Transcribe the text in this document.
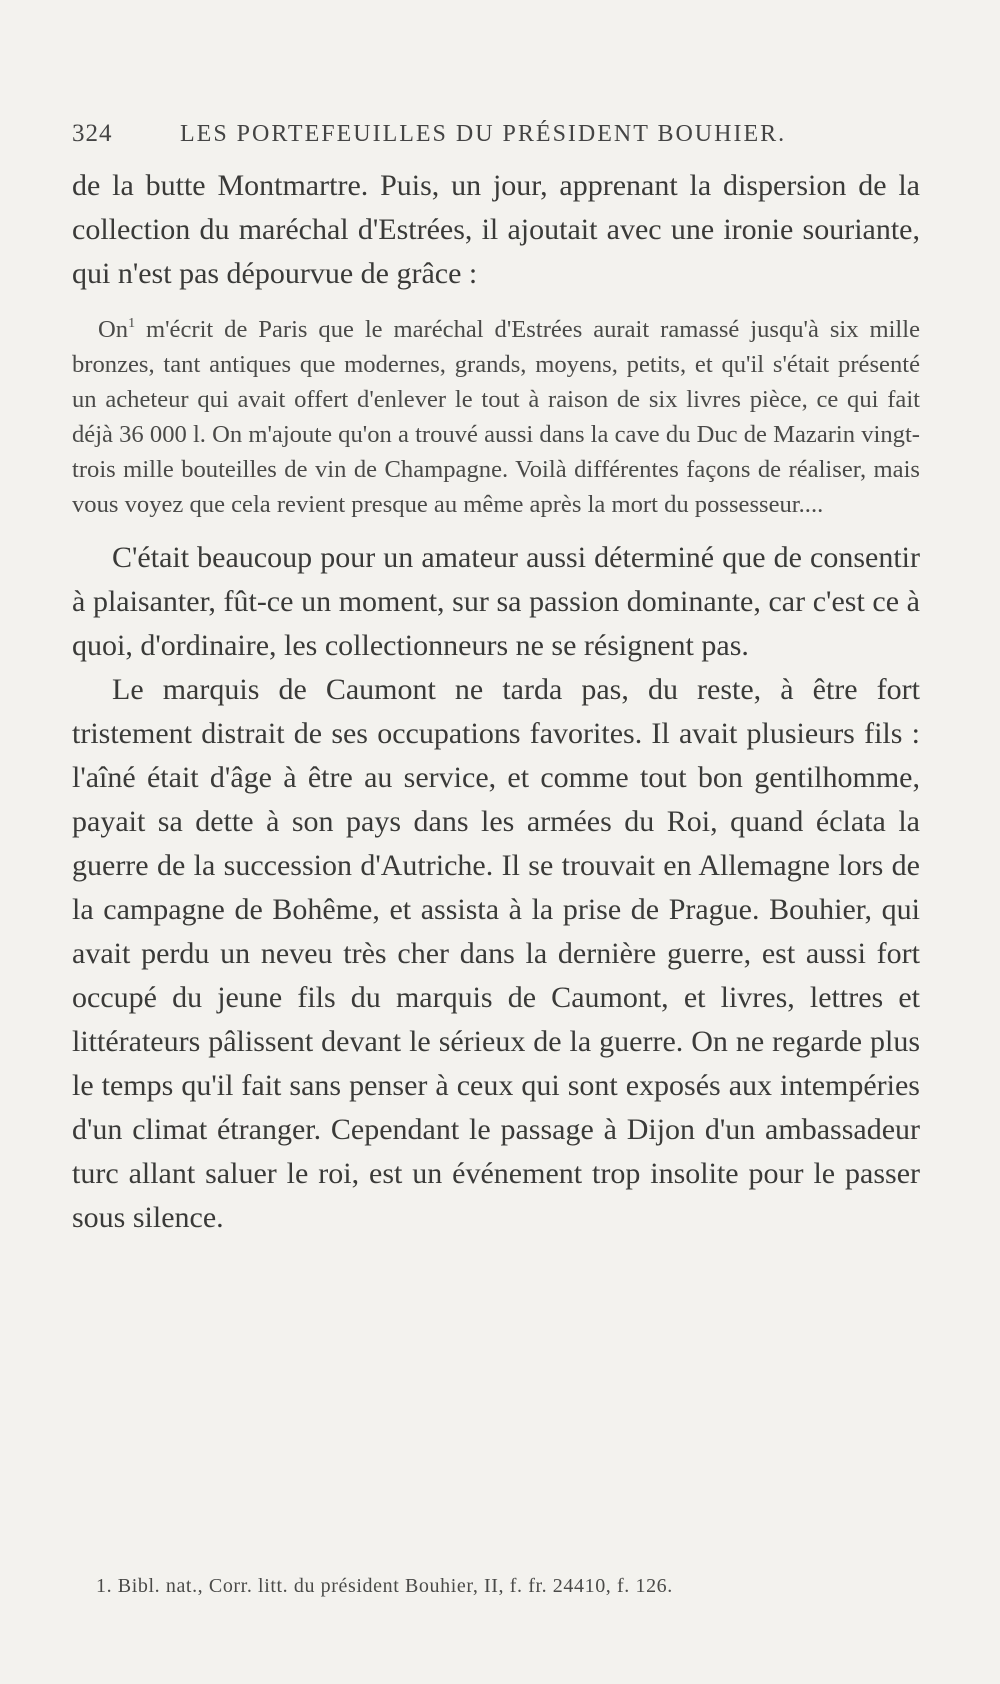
324	LES PORTEFEUILLES DU PRÉSIDENT BOUHIER.

de la butte Montmartre. Puis, un jour, apprenant la dispersion de la collection du maréchal d'Estrées, il ajoutait avec une ironie souriante, qui n'est pas dépourvue de grâce :

On$^1$ m'écrit de Paris que le maréchal d'Estrées aurait ramassé jusqu'à six mille bronzes, tant antiques que modernes, grands, moyens, petits, et qu'il s'était présenté un acheteur qui avait offert d'enlever le tout à raison de six livres pièce, ce qui fait déjà 36 000 l. On m'ajoute qu'on a trouvé aussi dans la cave du Duc de Mazarin vingt-trois mille bouteilles de vin de Champagne. Voilà différentes façons de réaliser, mais vous voyez que cela revient presque au même après la mort du possesseur....

C'était beaucoup pour un amateur aussi déterminé que de consentir à plaisanter, fût-ce un moment, sur sa passion dominante, car c'est ce à quoi, d'ordinaire, les collectionneurs ne se résignent pas.

Le marquis de Caumont ne tarda pas, du reste, à être fort tristement distrait de ses occupations favorites. Il avait plusieurs fils : l'aîné était d'âge à être au service, et comme tout bon gentilhomme, payait sa dette à son pays dans les armées du Roi, quand éclata la guerre de la succession d'Autriche. Il se trouvait en Allemagne lors de la campagne de Bohême, et assista à la prise de Prague. Bouhier, qui avait perdu un neveu très cher dans la dernière guerre, est aussi fort occupé du jeune fils du marquis de Caumont, et livres, lettres et littérateurs pâlissent devant le sérieux de la guerre. On ne regarde plus le temps qu'il fait sans penser à ceux qui sont exposés aux intempéries d'un climat étranger. Cependant le passage à Dijon d'un ambassadeur turc allant saluer le roi, est un événement trop insolite pour le passer sous silence.

1. Bibl. nat., Corr. litt. du président Bouhier, II, f. fr. 24410, f. 126.
